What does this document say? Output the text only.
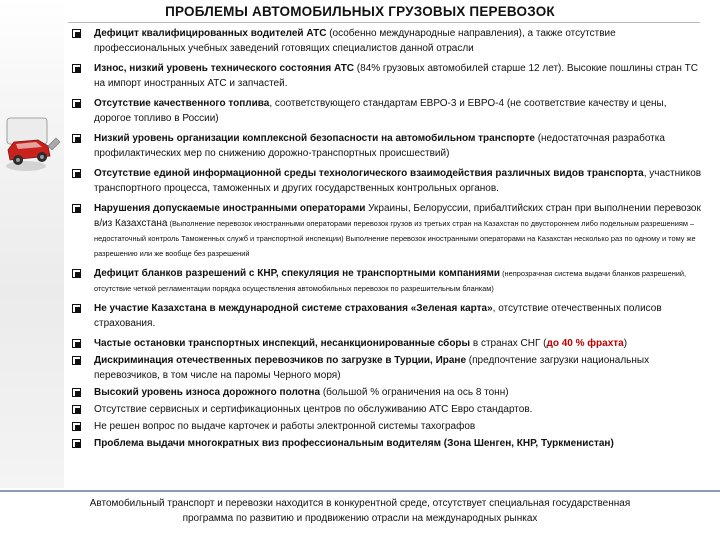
ПРОБЛЕМЫ АВТОМОБИЛЬНЫХ ГРУЗОВЫХ ПЕРЕВОЗОК
Дефицит квалифицированных водителей АТС (особенно международные направления), а также отсутствие профессиональных учебных заведений готовящих специалистов данной отрасли
Износ, низкий уровень технического состояния АТС (84% грузовых автомобилей старше 12 лет). Высокие пошлины стран ТС на импорт иностранных АТС и запчастей.
Отсутствие качественного топлива, соответствующего стандартам ЕВРО-3 и ЕВРО-4 (не соответствие качеству и цены, дорогое топливо в России)
Низкий уровень организации комплексной безопасности на автомобильном транспорте (недостаточная разработка профилактических мер по снижению дорожно-транспортных происшествий)
Отсутствие единой информационной среды технологического взаимодействия различных видов транспорта, участников транспортного процесса, таможенных и других государственных контрольных органов.
Нарушения допускаемые иностранными операторами Украины, Белоруссии, прибалтийских стран при выполнении перевозок в/из Казахстана (Выполнение перевозок иностранными операторами перевозок грузов из третьих стран на Казахстан по двустороннем либо подельным разрешениям – недостаточный контроль Таможенных служб и транспортной инспекции) Выполнение перевозок иностранными операторами на Казахстан несколько раз по одному и тому же разрешению или же вообще без разрешений
Дефицит бланков разрешений с КНР, спекуляция не транспортными компаниями (непрозрачная система выдачи бланков разрешений, отсутствие четкой регламентации порядка осуществления автомобильных перевозок по разрешительным бланкам)
Не участие Казахстана в международной системе страхования «Зеленая карта», отсутствие отечественных полисов страхования.
Частые остановки транспортных инспекций, несанкционированные сборы в странах СНГ (до 40 % фрахта)
Дискриминация отечественных перевозчиков по загрузке в Турции, Иране (предпочтение загрузки национальных перевозчиков, в том числе на паромы Черного моря)
Высокий уровень износа дорожного полотна (большой % ограничения на ось 8 тонн)
Отсутствие сервисных и сертификационных центров по обслуживанию АТС Евро стандартов.
Не решен вопрос по выдаче карточек и работы электронной системы тахографов
Проблема выдачи многократных виз профессиональным водителям (Зона Шенген, КНР, Туркменистан)
Автомобильный транспорт и перевозки находится в конкурентной среде, отсутствует специальная государственная
программа по развитию и продвижению отрасли на международных рынках
